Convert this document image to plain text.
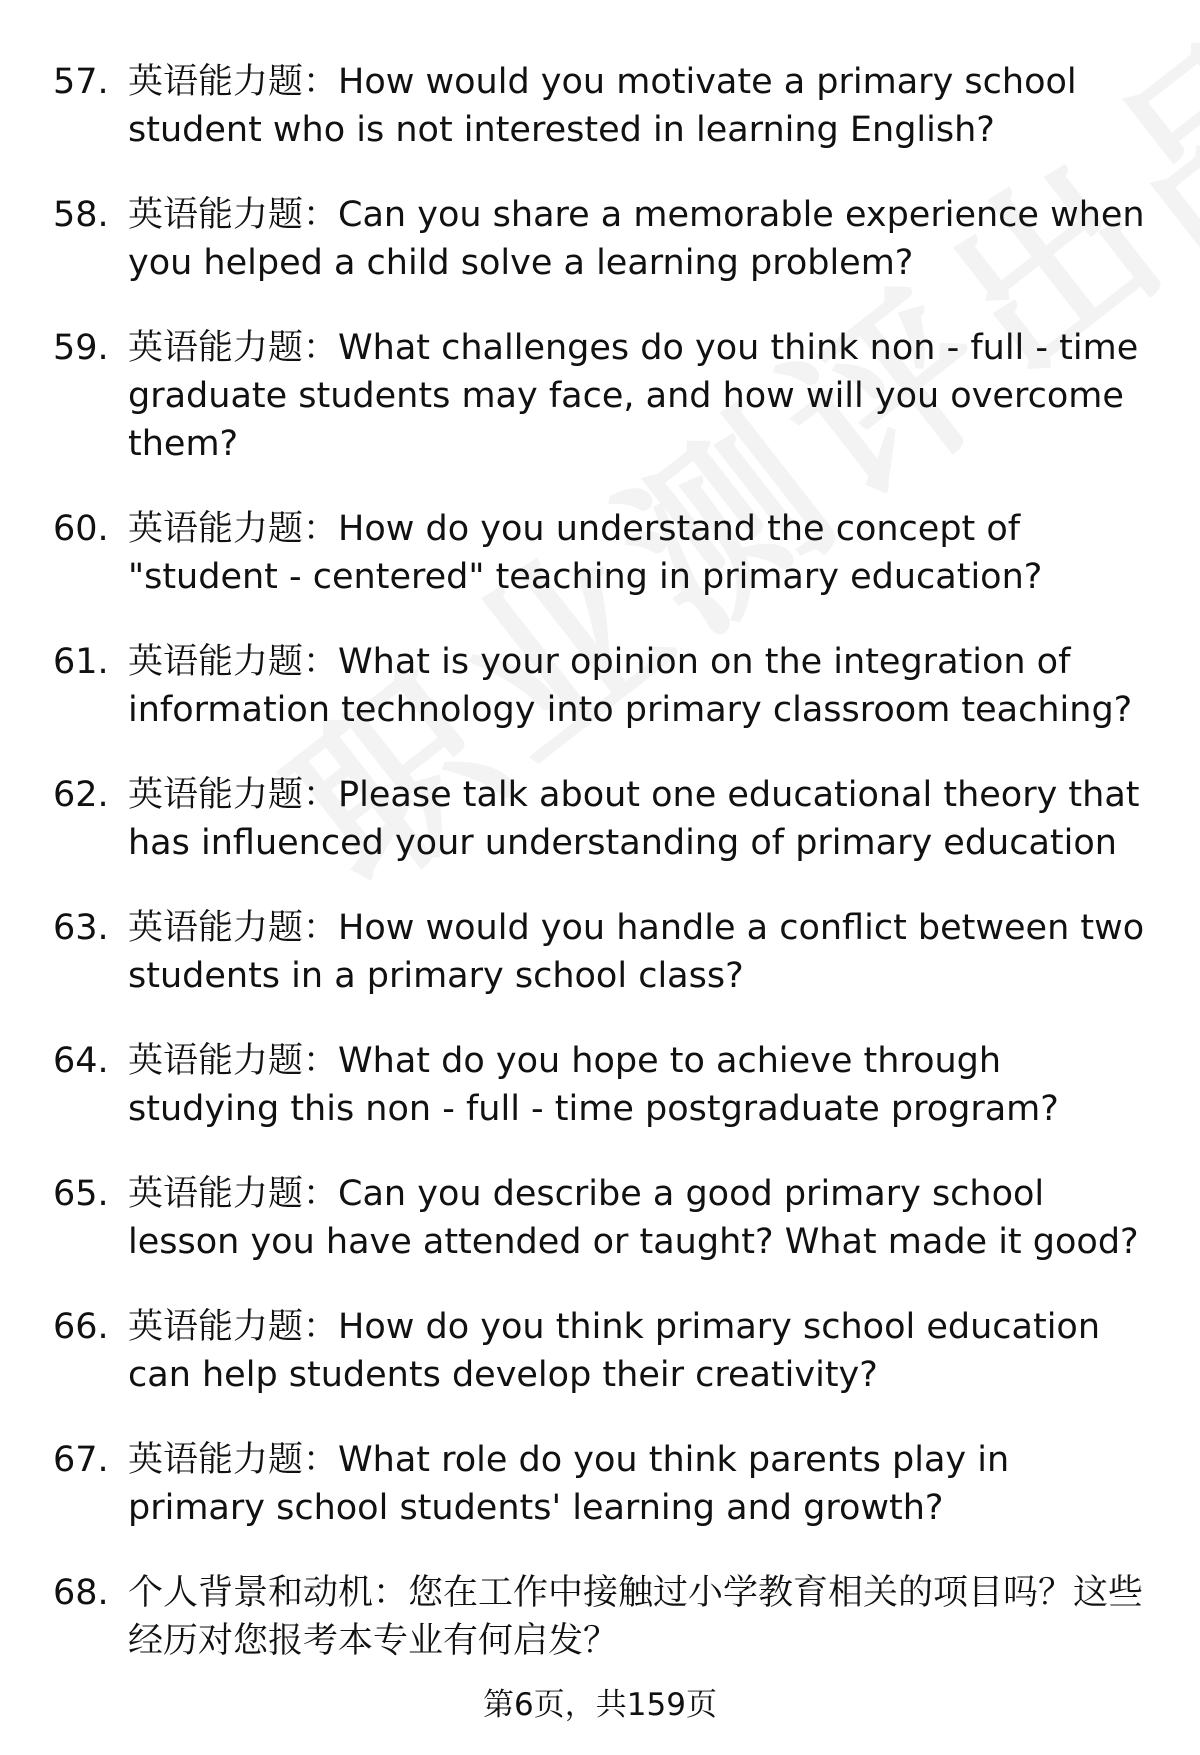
57. 英语能力题：How would you motivate a primary school student who is not interested in learning English?
58. 英语能力题：Can you share a memorable experience when you helped a child solve a learning problem?
59. 英语能力题：What challenges do you think non - full - time graduate students may face, and how will you overcome them?
60. 英语能力题：How do you understand the concept of "student - centered" teaching in primary education?
61. 英语能力题：What is your opinion on the integration of information technology into primary classroom teaching?
62. 英语能力题：Please talk about one educational theory that has influenced your understanding of primary education
63. 英语能力题：How would you handle a conflict between two students in a primary school class?
64. 英语能力题：What do you hope to achieve through studying this non - full - time postgraduate program?
65. 英语能力题：Can you describe a good primary school lesson you have attended or taught? What made it good?
66. 英语能力题：How do you think primary school education can help students develop their creativity?
67. 英语能力题：What role do you think parents play in primary school students' learning and growth?
68. 个人背景和动机：您在工作中接触过小学教育相关的项目吗？这些经历对您报考本专业有何启发？
第6页，共159页
